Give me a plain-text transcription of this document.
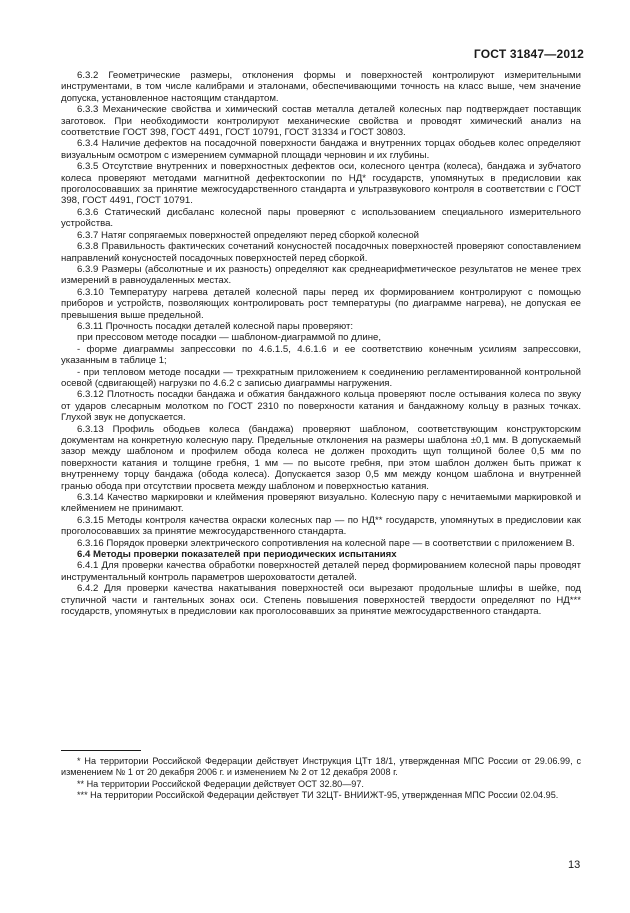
ГОСТ 31847—2012

6.3.2 Геометрические размеры, отклонения формы и поверхностей контролируют измерительными инструментами, в том числе калибрами и эталонами, обеспечивающими точность на класс выше, чем значение допуска, установленное настоящим стандартом.

6.3.3 Механические свойства и химический состав металла деталей колесных пар подтверждает поставщик заготовок. При необходимости контролируют механические свойства и проводят химический анализ на соответствие ГОСТ 398, ГОСТ 4491, ГОСТ 10791, ГОСТ 31334 и ГОСТ 30803.

6.3.4 Наличие дефектов на посадочной поверхности бандажа и внутренних торцах ободьев колес определяют визуальным осмотром с измерением суммарной площади черновин и их глубины.

6.3.5 Отсутствие внутренних и поверхностных дефектов оси, колесного центра (колеса), бандажа и зубчатого колеса проверяют методами магнитной дефектоскопии по НД* государств, упомянутых в предисловии как проголосовавших за принятие межгосударственного стандарта и ультразвукового контроля в соответствии с ГОСТ 398, ГОСТ 4491, ГОСТ 10791.

6.3.6 Статический дисбаланс колесной пары проверяют с использованием специального измерительного устройства.

6.3.7 Натяг сопрягаемых поверхностей определяют перед сборкой колесной

6.3.8 Правильность фактических сочетаний конусностей посадочных поверхностей проверяют сопоставлением направлений конусностей посадочных поверхностей перед сборкой.

6.3.9 Размеры (абсолютные и их разность) определяют как среднеарифметическое результатов не менее трех измерений в равноудаленных местах.

6.3.10 Температуру нагрева деталей колесной пары перед их формированием контролируют с помощью приборов и устройств, позволяющих контролировать рост температуры (по диаграмме нагрева), не допуская ее превышения выше предельной.

6.3.11 Прочность посадки деталей колесной пары проверяют:

при прессовом методе посадки — шаблоном-диаграммой по длине,

- форме диаграммы запрессовки по 4.6.1.5, 4.6.1.6 и ее соответствию конечным усилиям запрессовки, указанным в таблице 1;

- при тепловом методе посадки — трехкратным приложением к соединению регламентированной контрольной осевой (сдвигающей) нагрузки по 4.6.2 с записью диаграммы нагружения.

6.3.12 Плотность посадки бандажа и обжатия бандажного кольца проверяют после остывания колеса по звуку от ударов слесарным молотком по ГОСТ 2310 по поверхности катания и бандажному кольцу в разных точках. Глухой звук не допускается.

6.3.13 Профиль ободьев колеса (бандажа) проверяют шаблоном, соответствующим конструкторским документам на конкретную колесную пару. Предельные отклонения на размеры шаблона ±0,1 мм. В допускаемый зазор между шаблоном и профилем обода колеса не должен проходить щуп толщиной более 0,5 мм по поверхности катания и толщине гребня, 1 мм — по высоте гребня, при этом шаблон должен быть прижат к внутреннему торцу бандажа (обода колеса). Допускается зазор 0,5 мм между концом шаблона и внутренней гранью обода при отсутствии просвета между шаблоном и поверхностью катания.

6.3.14 Качество маркировки и клеймения проверяют визуально. Колесную пару с нечитаемыми маркировкой и клеймением не принимают.

6.3.15 Методы контроля качества окраски колесных пар — по НД** государств, упомянутых в предисловии как проголосовавших за принятие межгосударственного стандарта.

6.3.16 Порядок проверки электрического сопротивления на колесной паре — в соответствии с приложением В.

6.4 Методы проверки показателей при периодических испытаниях

6.4.1 Для проверки качества обработки поверхностей деталей перед формированием колесной пары проводят инструментальный контроль параметров шероховатости деталей.

6.4.2 Для проверки качества накатывания поверхностей оси вырезают продольные шлифы в шейке, под ступичной части и гантельных зонах оси. Степень повышения поверхностей твердости определяют по НД*** государств, упомянутых в предисловии как проголосовавших за принятие межгосударственного стандарта.

* На территории Российской Федерации действует Инструкция ЦТт 18/1, утвержденная МПС России от 29.06.99, с изменением № 1 от 20 декабря 2006 г. и изменением № 2 от 12 декабря 2008 г.

** На территории Российской Федерации действует ОСТ 32.80—97.

*** На территории Российской Федерации действует ТИ 32ЦТ- ВНИИЖТ-95, утвержденная МПС России 02.04.95.

13
